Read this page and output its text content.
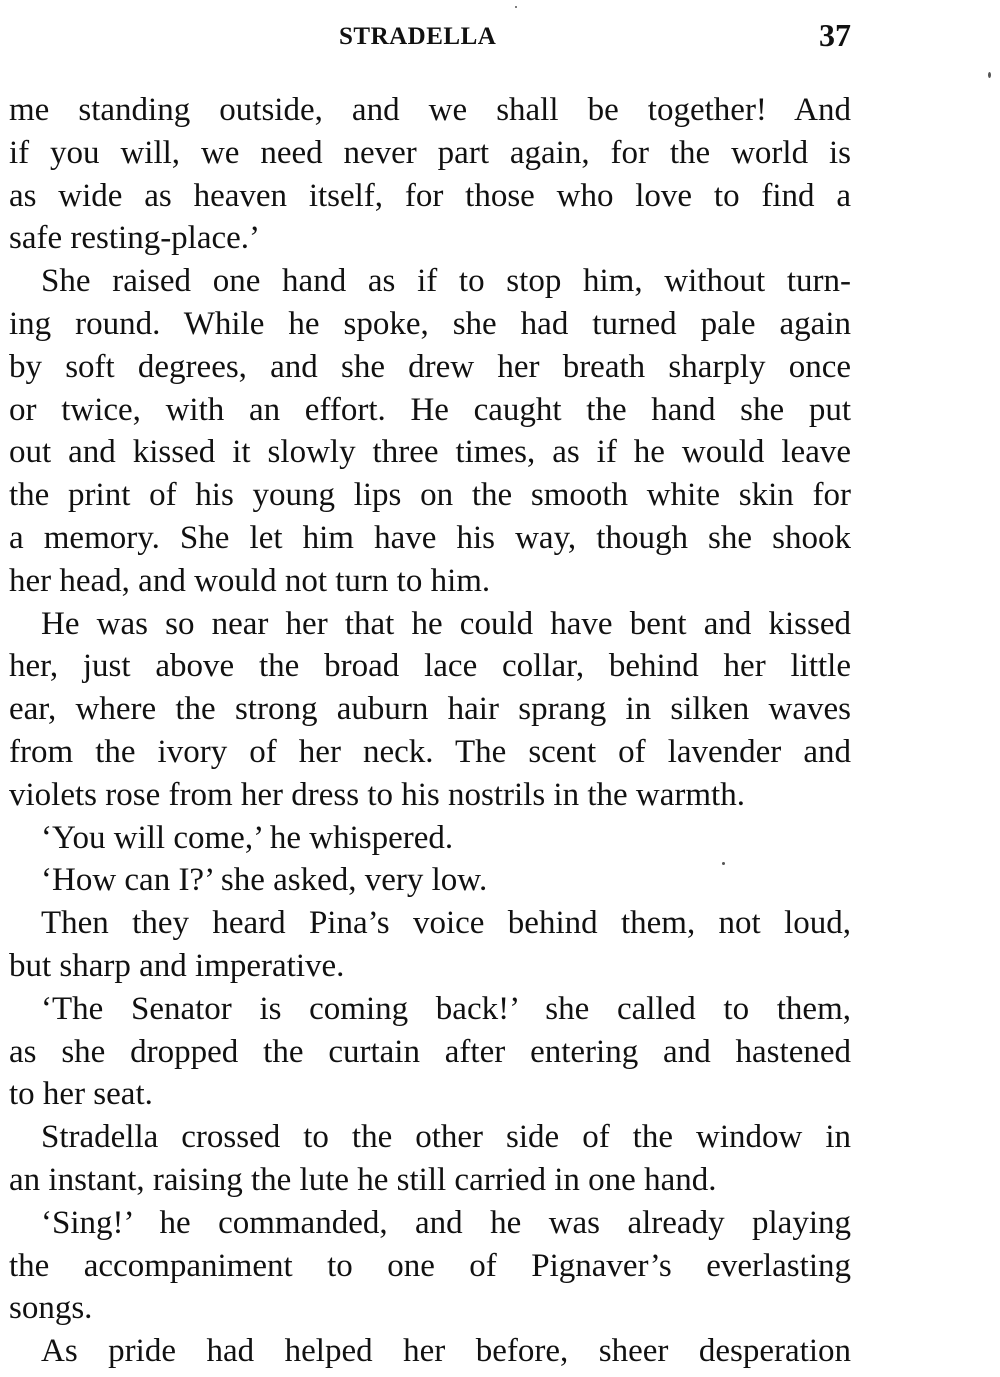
STRADELLA	37
me standing outside, and we shall be together! And
if you will, we need never part again, for the world is
as wide as heaven itself, for those who love to find a
safe resting-place.’
She raised one hand as if to stop him, without turn-
ing round. While he spoke, she had turned pale again
by soft degrees, and she drew her breath sharply once
or twice, with an effort. He caught the hand she put
out and kissed it slowly three times, as if he would leave
the print of his young lips on the smooth white skin for
a memory. She let him have his way, though she shook
her head, and would not turn to him.
He was so near her that he could have bent and kissed
her, just above the broad lace collar, behind her little
ear, where the strong auburn hair sprang in silken waves
from the ivory of her neck. The scent of lavender and
violets rose from her dress to his nostrils in the warmth.
‘You will come,’ he whispered.
‘How can I?’ she asked, very low.
Then they heard Pina’s voice behind them, not loud,
but sharp and imperative.
‘The Senator is coming back!’ she called to them,
as she dropped the curtain after entering and hastened
to her seat.
Stradella crossed to the other side of the window in
an instant, raising the lute he still carried in one hand.
‘Sing!’ he commanded, and he was already playing
the accompaniment to one of Pignaver’s everlasting
songs.
As pride had helped her before, sheer desperation
